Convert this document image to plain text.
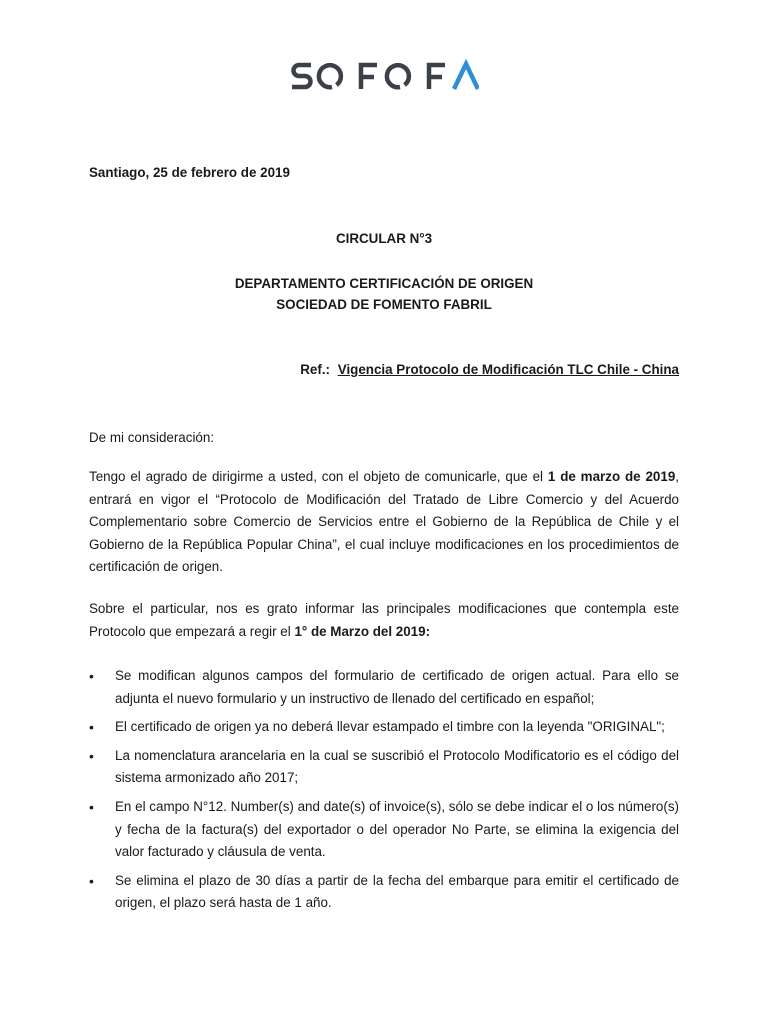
Santiago, 25 de febrero de 2019
CIRCULAR N°3
DEPARTAMENTO CERTIFICACIÓN DE ORIGEN
SOCIEDAD DE FOMENTO FABRIL
Ref.: Vigencia Protocolo de Modificación TLC Chile - China
De mi consideración:
Tengo el agrado de dirigirme a usted, con el objeto de comunicarle, que el 1 de marzo de 2019, entrará en vigor el “Protocolo de Modificación del Tratado de Libre Comercio y del Acuerdo Complementario sobre Comercio de Servicios entre el Gobierno de la República de Chile y el Gobierno de la República Popular China”, el cual incluye modificaciones en los procedimientos de certificación de origen.
Sobre el particular, nos es grato informar las principales modificaciones que contempla este Protocolo que empezará a regir el 1° de Marzo del 2019:
• Se modifican algunos campos del formulario de certificado de origen actual. Para ello se adjunta el nuevo formulario y un instructivo de llenado del certificado en español;
• El certificado de origen ya no deberá llevar estampado el timbre con la leyenda "ORIGINAL";
• La nomenclatura arancelaria en la cual se suscribió el Protocolo Modificatorio es el código del sistema armonizado año 2017;
• En el campo N°12. Number(s) and date(s) of invoice(s), sólo se debe indicar el o los número(s) y fecha de la factura(s) del exportador o del operador No Parte, se elimina la exigencia del valor facturado y cláusula de venta.
• Se elimina el plazo de 30 días a partir de la fecha del embarque para emitir el certificado de origen, el plazo será hasta de 1 año.
